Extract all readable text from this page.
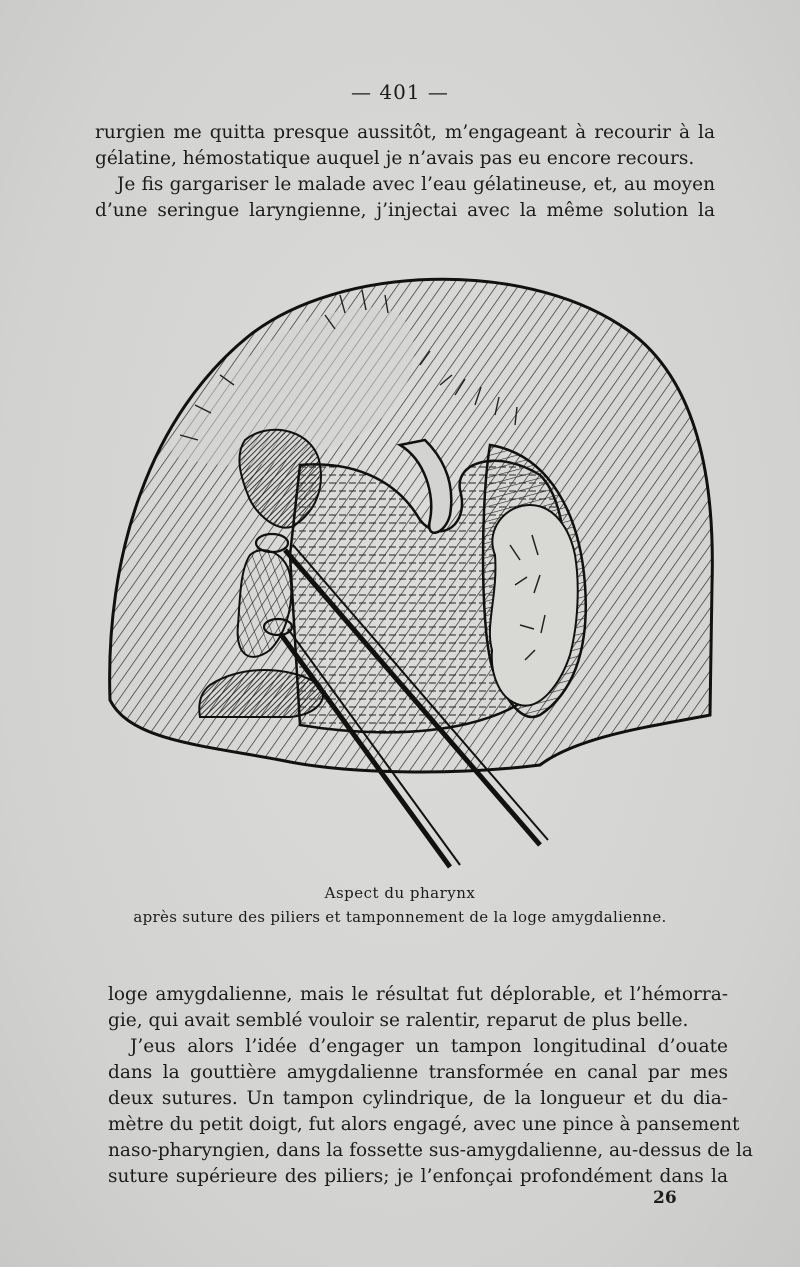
— 401 —

rurgien me quitta presque aussitôt, m’engageant à recourir à la
gélatine, hémostatique auquel je n’avais pas eu encore recours.

Je fis gargariser le malade avec l’eau gélatineuse, et, au moyen
d’une seringue laryngienne, j’injectai avec la même solution la

Aspect du pharynx
après suture des piliers et tamponnement de la loge amygdalienne.

loge amygdalienne, mais le résultat fut déplorable, et l’hémorra-
gie, qui avait semblé vouloir se ralentir, reparut de plus belle.

J’eus alors l’idée d’engager un tampon longitudinal d’ouate
dans la gouttière amygdalienne transformée en canal par mes
deux sutures. Un tampon cylindrique, de la longueur et du dia-
mètre du petit doigt, fut alors engagé, avec une pince à pansement
naso-pharyngien, dans la fossette sus-amygdalienne, au-dessus de la
suture supérieure des piliers; je l’enfonçai profondément dans la

26
